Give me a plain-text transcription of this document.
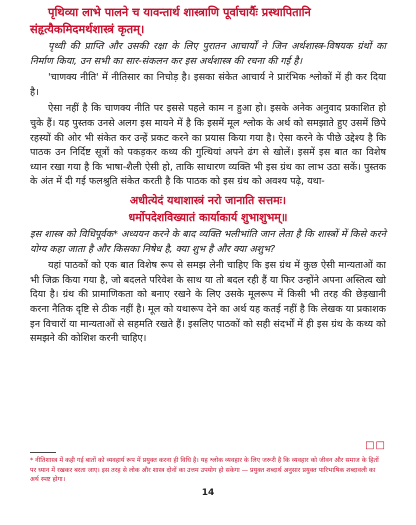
पृथिव्या लाभे पालने च यावन्तार्थ शास्त्राणि पूर्वाचार्यैः प्रस्थापितानि
संहृत्यैकमिदमर्थशास्त्रं कृतम्।

पृथ्वी की प्राप्ति और उसकी रक्षा के लिए पुरातन आचार्यों ने जिन अर्थशास्त्र-विषयक ग्रंथों का निर्माण किया, उन सभी का सार-संकलन कर इस अर्थशास्त्र की रचना की गई है।

'चाणक्य नीति' में नीतिसार का निचोड़ है। इसका संकेत आचार्य ने प्रारंभिक श्लोकों में ही कर दिया है।

ऐसा नहीं है कि चाणक्य नीति पर इससे पहले काम न हुआ हो। इसके अनेक अनुवाद प्रकाशित हो चुके हैं। यह पुस्तक उनसे अलग इस मायने में है कि इसमें मूल श्लोक के अर्थ को समझाते हुए उसमें छिपे रहस्यों की ओर भी संकेत कर उन्हें प्रकट करने का प्रयास किया गया है। ऐसा करने के पीछे उद्देश्य है कि पाठक उन निर्दिष्ट सूत्रों को पकड़कर कथ्य की गुत्थियां अपने ढंग से खोलें। इसमें इस बात का विशेष ध्यान रखा गया है कि भाषा-शैली ऐसी हो, ताकि साधारण व्यक्ति भी इस ग्रंथ का लाभ उठा सकें। पुस्तक के अंत में दी गई फलश्रुति संकेत करती है कि पाठक को इस ग्रंथ को अवश्य पढ़े, यथा-

अधीत्येदं यथाशास्त्रं नरो जानाति सत्तमः।
धर्मोपदेशविख्यातं कार्याकार्य शुभाशुभम्॥

इस शास्त्र को विधिपूर्वक* अध्ययन करने के बाद व्यक्ति भलीभांति जान लेता है कि शास्त्रों में किसे करने योग्य कहा जाता है और किसका निषेध है, क्या शुभ है और क्या अशुभ?

यहां पाठकों को एक बात विशेष रूप से समझ लेनी चाहिए कि इस ग्रंथ में कुछ ऐसी मान्यताओं का भी जिक्र किया गया है, जो बदलते परिवेश के साथ या तो बदल रही हैं या फिर उन्होंने अपना अस्तित्व खो दिया है। ग्रंथ की प्रामाणिकता को बनाए रखने के लिए उसके मूलरूप में किसी भी तरह की छेड़खानी करना नैतिक दृष्टि से ठीक नहीं है। मूल को यथारूप देने का अर्थ यह कतई नहीं है कि लेखक या प्रकाशक इन विचारों या मान्यताओं से सहमति रखते हैं। इसलिए पाठकों को सही संदर्भों में ही इस ग्रंथ के कथ्य को समझने की कोशिश करनी चाहिए।

□□

* नीतिशास्त्र में कही गई बातों को व्यवहार्य रूप में प्रयुक्त करना ही विधि है। यह श्लोक व्यवहार के लिए जरूरी है कि व्यवहार को जीवन और समाज के हितों पर ध्यान में रखकर बरता जाए। इस तरह से लोक और शास्त्र दोनों का उत्तम उपयोग हो सकेगा — प्रयुक्त शब्दार्थ अनुसार प्रयुक्त पारिभाषिक शब्दावली का अर्थ स्पष्ट होगा।

14
